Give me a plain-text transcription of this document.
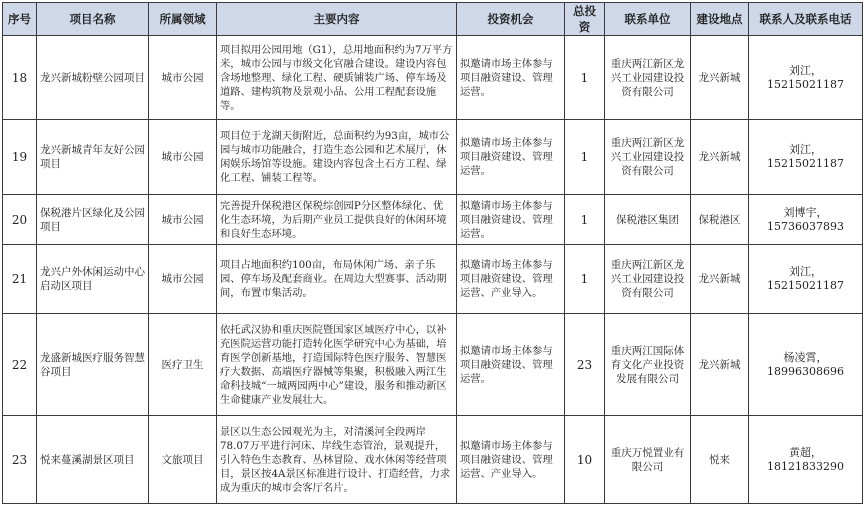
序号	项目名称	所属领域	主要内容	投资机会	总投资	联系单位	建设地点	联系人及联系电话
18	龙兴新城粉壁公园项目	城市公园	项目拟用公园用地（G1），总用地面积约为7万平方米，城市公园与市级文化官融合建设。建设内容包含场地整理、绿化工程、硬质铺装广场、停车场及道路、建构筑物及景观小品、公用工程配套设施等。	拟邀请市场主体参与项目融资建设、管理运营。	1	重庆两江新区龙兴工业园建设投资有限公司	龙兴新城	刘江，15215021187
19	龙兴新城青年友好公园项目	城市公园	项目位于龙湖天街附近，总面积约为93亩，城市公园与城市功能融合，打造生态公园和艺术展厅，休闲娱乐场馆等设施。建设内容包含土石方工程、绿化工程、铺装工程等。	拟邀请市场主体参与项目融资建设、管理运营。	1	重庆两江新区龙兴工业园建设投资有限公司	龙兴新城	刘江，15215021187
20	保税港片区绿化及公园项目	城市公园	完善提升保税港区保税综创园P分区整体绿化、优化生态环境，为后期产业员工提供良好的休闲环境和良好生态环境。	拟邀请市场主体参与项目融资建设、管理运营。	1	保税港区集团	保税港区	刘博宇，15736037893
21	龙兴户外休闲运动中心启动区项目	城市公园	项目占地面积约100亩，布局休闲广场、亲子乐园、停车场及配套商业。在周边大型赛事、活动期间，布置市集活动。	拟邀请市场主体参与项目融资建设、管理运营、产业导入。	1	重庆两江新区龙兴工业园建设投资有限公司	龙兴新城	刘江，15215021187
22	龙盛新城医疗服务智慧谷项目	医疗卫生	依托武汉协和重庆医院暨国家区域医疗中心，以补充医院运营功能打造转化医学研究中心为基础，培育医学创新基地，打造国际特色医疗服务、智慧医疗大数据、高端医疗器械等集聚，积极融入两江生命科技城“一城两园两中心”建设，服务和推动新区生命健康产业发展壮大。	拟邀请市场主体参与项目融资建设、管理运营。	23	重庆两江国际体育文化产业投资发展有限公司	龙兴新城	杨凌霄，18996308696
23	悦来蔓溪湖景区项目	文旅项目	景区以生态公园观光为主，对清溪河全段两岸78.07万平进行河床、岸线生态管治，景观提升，引入特色生态教育、丛林冒险、戏水休闲等经营项目，景区按4A景区标准进行设计、打造经营，力求成为重庆的城市会客厅名片。	拟邀请市场主体参与项目融资建设、管理运营、产业导入。	10	重庆万悦置业有限公司	悦来	黄超，18121833290
